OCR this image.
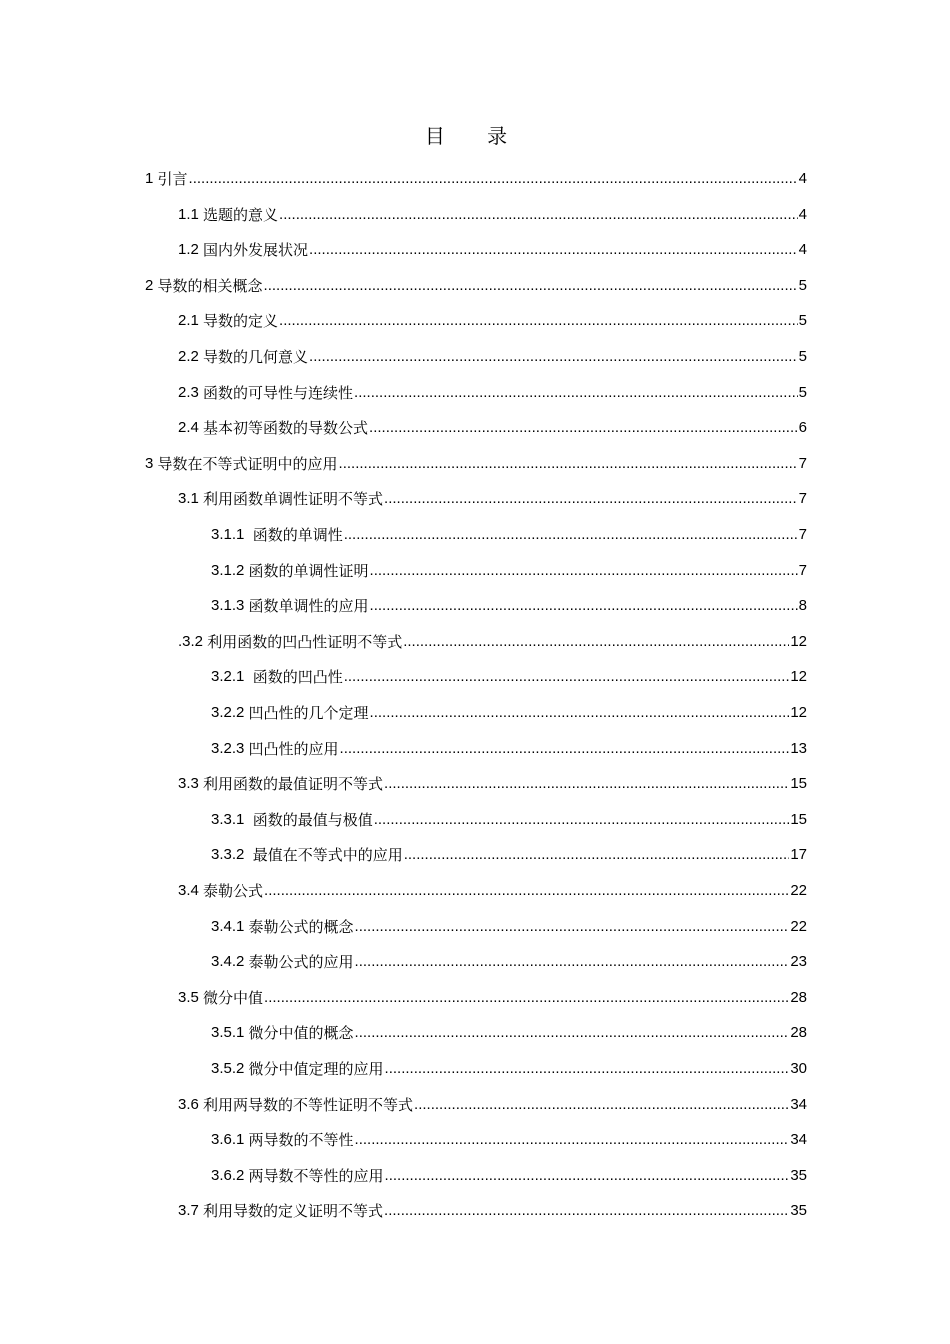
目 录
1 引言 .....	4
1.1 选题的意义 .....	4
1.2 国内外发展状况 .....	4
2 导数的相关概念 .....	5
2.1 导数的定义 .....	5
2.2 导数的几何意义 .....	5
2.3 函数的可导性与连续性 .....	5
2.4 基本初等函数的导数公式 .....	6
3 导数在不等式证明中的应用 .....	7
3.1 利用函数单调性证明不等式 .....	7
3.1.1 函数的单调性 .....	7
3.1.2 函数的单调性证明 .....	7
3.1.3 函数单调性的应用 .....	8
.3.2 利用函数的凹凸性证明不等式 .....	12
3.2.1 函数的凹凸性 .....	12
3.2.2 凹凸性的几个定理 .....	12
3.2.3 凹凸性的应用 .....	13
3.3 利用函数的最值证明不等式 .....	15
3.3.1 函数的最值与极值 .....	15
3.3.2 最值在不等式中的应用 .....	17
3.4 泰勒公式 .....	22
3.4.1 泰勒公式的概念 .....	22
3.4.2 泰勒公式的应用 .....	23
3.5 微分中值 .....	28
3.5.1 微分中值的概念 .....	28
3.5.2 微分中值定理的应用 .....	30
3.6 利用两导数的不等性证明不等式 .....	34
3.6.1 两导数的不等性 .....	34
3.6.2 两导数不等性的应用 .....	35
3.7 利用导数的定义证明不等式 .....	35
